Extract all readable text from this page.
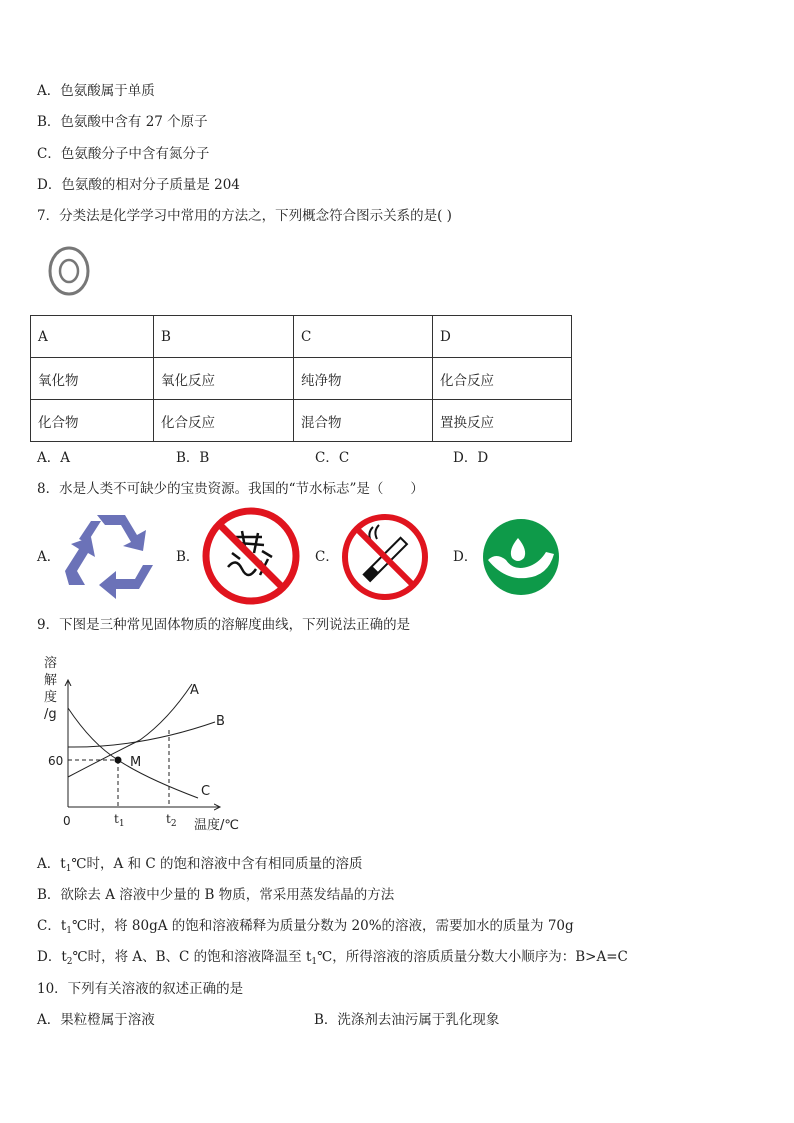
A．色氨酸属于单质
B．色氨酸中含有 27 个原子
C．色氨酸分子中含有氮分子
D．色氨酸的相对分子质量是 204
7．分类法是化学学习中常用的方法之，下列概念符合图示关系的是( )
A	B	C	D
氧化物	氧化反应	纯净物	化合反应
化合物	化合反应	混合物	置换反应
A．A	B．B	C．C	D．D
8．水是人类不可缺少的宝贵资源。我国的“节水标志”是（　　）
A．	B．	C．	D．
9．下图是三种常见固体物质的溶解度曲线，下列说法正确的是
溶
解
度
/g
60	M
A
B
C
0	$t_1$	$t_2$ 温度/℃
A．$t_1℃$时，A 和 C 的饱和溶液中含有相同质量的溶质
B．欲除去 A 溶液中少量的 B 物质，常采用蒸发结晶的方法
C．$t_1℃$时，将 80gA 的饱和溶液稀释为质量分数为 20%的溶液，需要加水的质量为 70g
D．$t_2℃$时，将 A、B、C 的饱和溶液降温至 $t_1℃$，所得溶液的溶质质量分数大小顺序为：B>A=C
10．下列有关溶液的叙述正确的是
A．果粒橙属于溶液	B．洗涤剂去油污属于乳化现象
